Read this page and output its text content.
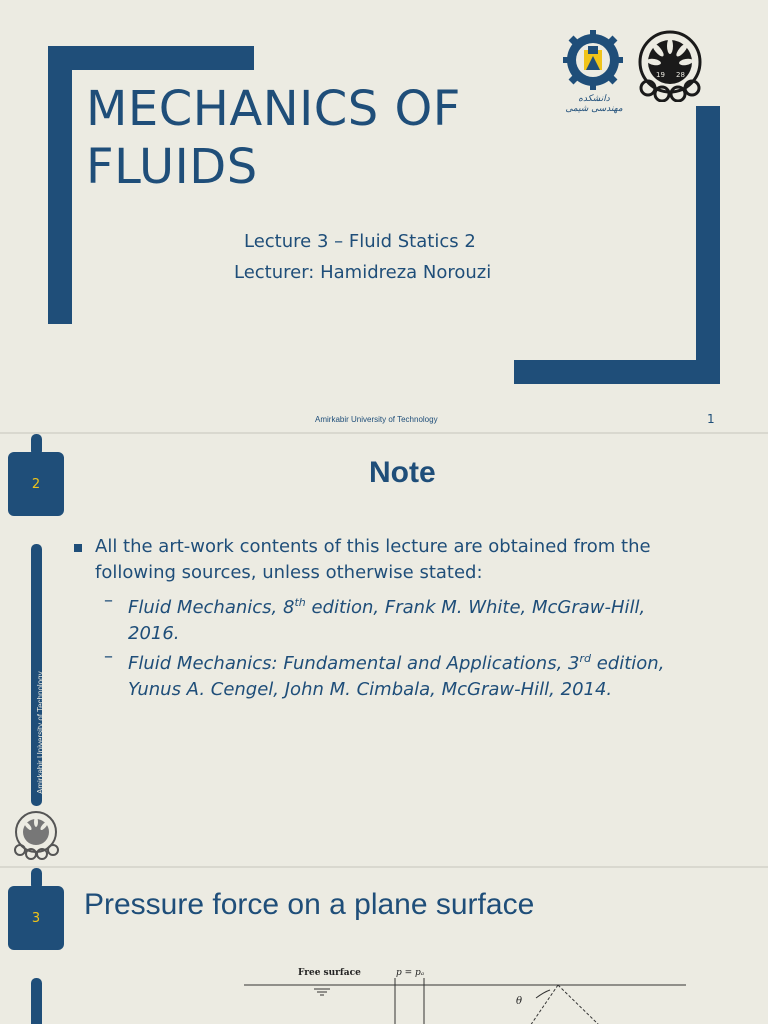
MECHANICS OF
FLUIDS
Lecture 3 – Fluid Statics 2
Lecturer: Hamidreza Norouzi
دانشکده مهندسی شیمی
19 28
Amirkabir University of Technology	1
2
Amirkabir University of Technology
Note
All the art-work contents of this lecture are obtained from the
following sources, unless otherwise stated:
– Fluid Mechanics, 8th edition, Frank M. White, McGraw-Hill,
2016.
– Fluid Mechanics: Fundamental and Applications, 3rd edition,
Yunus A. Cengel, John M. Cimbala, McGraw-Hill, 2014.
3	Pressure force on a plane surface
Free surface	p = pₐ
θ
